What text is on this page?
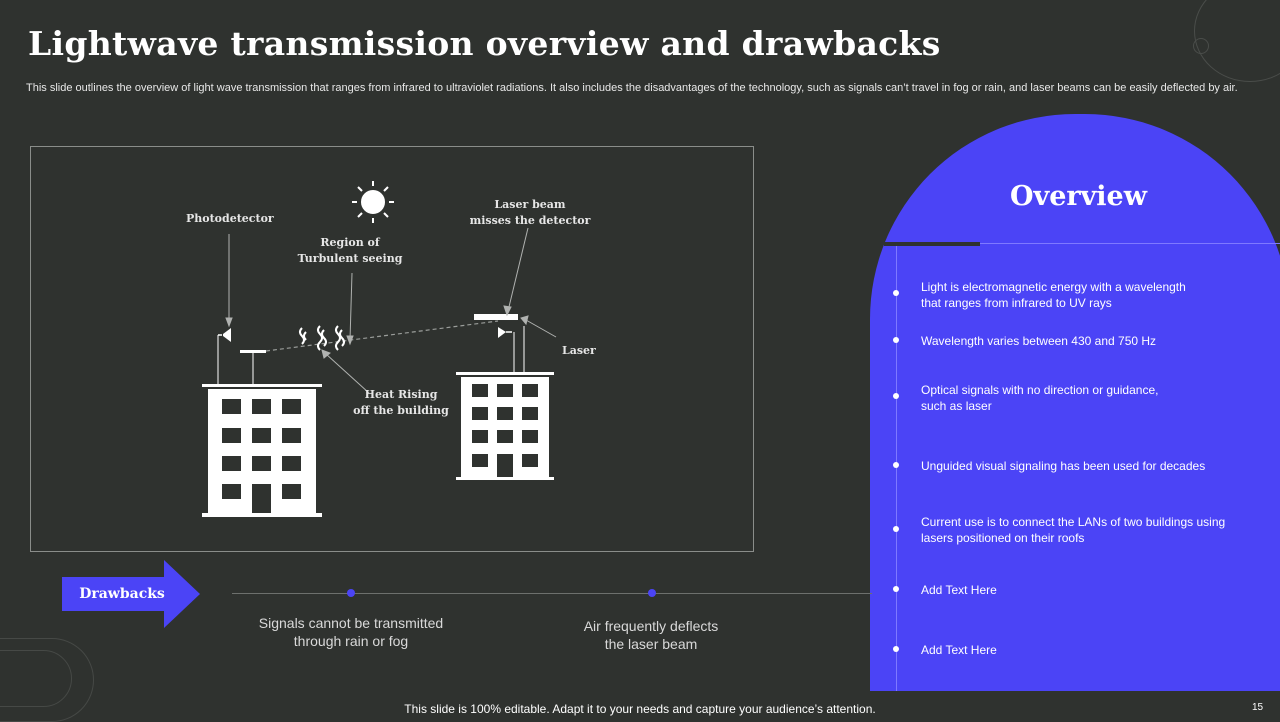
Lightwave transmission overview and drawbacks
This slide outlines the overview of light wave transmission that ranges from infrared to ultraviolet radiations. It also includes the disadvantages of the technology, such as signals can’t travel in fog or rain, and laser beams can be easily deflected by air.
Photodetector
Region of
Turbulent seeing
Laser beam
misses the detector
Laser
Heat Rising
off the building
Overview
Light is electromagnetic energy with a wavelength
that ranges from infrared to UV rays
Wavelength varies between 430 and 750 Hz
Optical signals with no direction or guidance,
such as laser
Unguided visual signaling has been used for decades
Current use is to connect the LANs of two buildings using
lasers positioned on their roofs
Add Text Here
Add Text Here
Drawbacks
Signals cannot be transmitted
through rain or fog
Air frequently deflects
the laser beam
This slide is 100% editable. Adapt it to your needs and capture your audience’s attention.	15
